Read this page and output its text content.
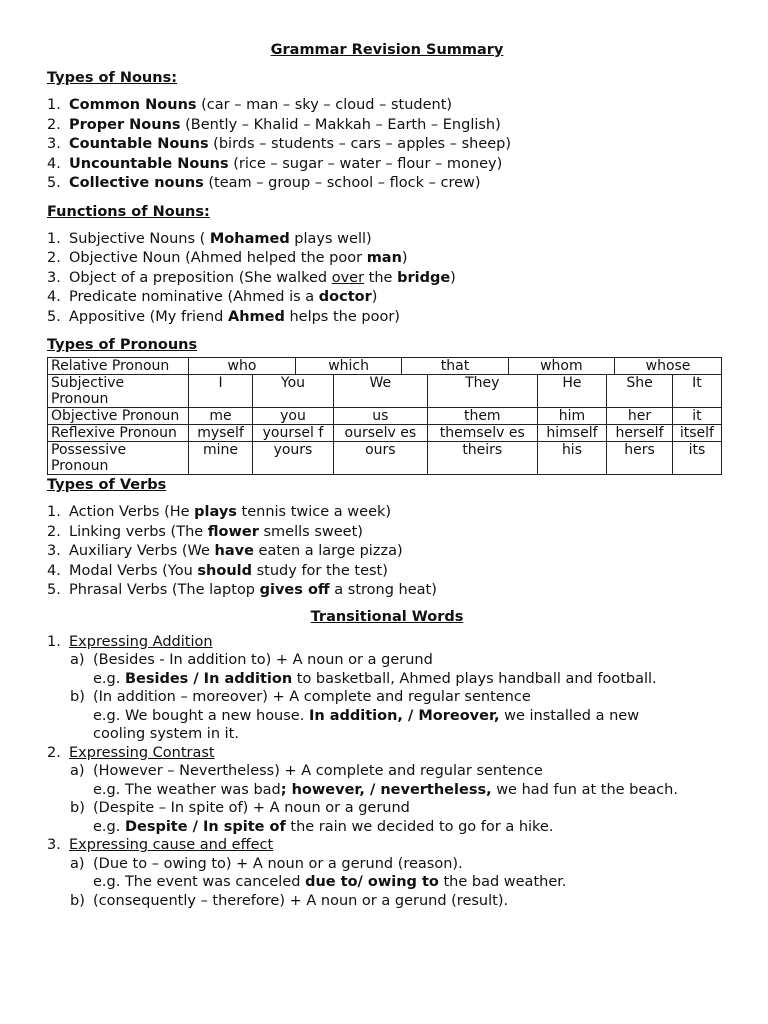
Grammar Revision Summary
Types of Nouns:
1. Common Nouns (car – man – sky – cloud – student)
2. Proper Nouns (Bently – Khalid – Makkah – Earth – English)
3. Countable Nouns (birds – students – cars – apples – sheep)
4. Uncountable Nouns (rice – sugar – water – flour – money)
5. Collective nouns (team – group – school – flock – crew)
Functions of Nouns:
1. Subjective Nouns ( Mohamed plays well)
2. Objective Noun (Ahmed helped the poor man)
3. Object of a preposition (She walked over the bridge)
4. Predicate nominative (Ahmed is a doctor)
5. Appositive (My friend Ahmed helps the poor)
Types of Pronouns
Relative Pronoun		who	which	that	whom	whose

Subjective Pronoun	I	You	We	They	He	She	It
Objective Pronoun	me	you	us	them	him	her	it
Reflexive Pronoun	myself	yoursel f	ourselv es	themselv es	himself	herself	itself
Possessive Pronoun	mine	yours	ours	theirs	his	hers	its
Types of Verbs
1. Action Verbs (He plays tennis twice a week)
2. Linking verbs (The flower smells sweet)
3. Auxiliary Verbs (We have eaten a large pizza)
4. Modal Verbs (You should study for the test)
5. Phrasal Verbs (The laptop gives off a strong heat)
Transitional Words
1. Expressing Addition
a) (Besides - In addition to) + A noun or a gerund
e.g. Besides / In addition to basketball, Ahmed plays handball and football.
b) (In addition – moreover) + A complete and regular sentence
e.g. We bought a new house. In addition, / Moreover, we installed a new cooling system in it.
2. Expressing Contrast
a) (However – Nevertheless) + A complete and regular sentence
e.g. The weather was bad; however, / nevertheless, we had fun at the beach.
b) (Despite – In spite of) + A noun or a gerund
e.g. Despite / In spite of the rain we decided to go for a hike.
3. Expressing cause and effect
a) (Due to – owing to) + A noun or a gerund (reason).
e.g. The event was canceled due to/ owing to the bad weather.
b) (consequently – therefore) + A noun or a gerund (result).
